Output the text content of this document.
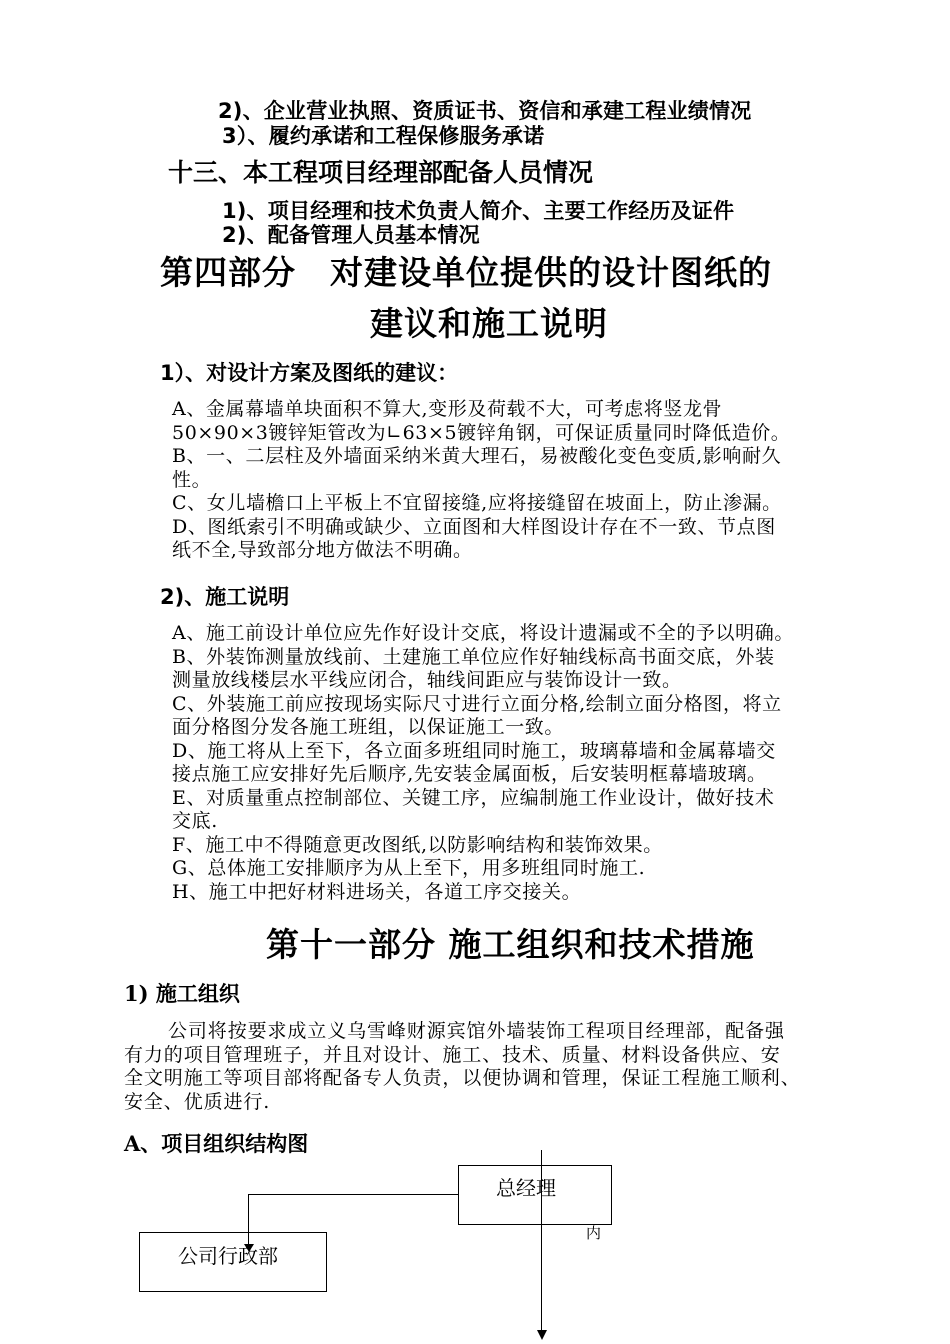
2)、企业营业执照、资质证书、资信和承建工程业绩情况
3）、履约承诺和工程保修服务承诺
十三、本工程项目经理部配备人员情况
1)、项目经理和技术负责人简介、主要工作经历及证件
2)、配备管理人员基本情况
第四部分　对建设单位提供的设计图纸的
建议和施工说明
1）、对设计方案及图纸的建议：
A、金属幕墙单块面积不算大,变形及荷载不大，可考虑将竖龙骨
50×90×3镀锌矩管改为∟63×5镀锌角钢，可保证质量同时降低造价。
B、一、二层柱及外墙面采纳米黄大理石，易被酸化变色变质,影响耐久
性。
C、女儿墙檐口上平板上不宜留接缝,应将接缝留在坡面上，防止渗漏。
D、图纸索引不明确或缺少、立面图和大样图设计存在不一致、节点图
纸不全,导致部分地方做法不明确。
2)、施工说明
A、施工前设计单位应先作好设计交底，将设计遗漏或不全的予以明确。
B、外装饰测量放线前、土建施工单位应作好轴线标高书面交底，外装
测量放线楼层水平线应闭合，轴线间距应与装饰设计一致。
C、外装施工前应按现场实际尺寸进行立面分格,绘制立面分格图，将立
面分格图分发各施工班组，以保证施工一致。
D、施工将从上至下，各立面多班组同时施工，玻璃幕墙和金属幕墙交
接点施工应安排好先后顺序,先安装金属面板，后安装明框幕墙玻璃。
E、对质量重点控制部位、关键工序，应编制施工作业设计，做好技术
交底.
F、施工中不得随意更改图纸,以防影响结构和装饰效果。
G、总体施工安排顺序为从上至下，用多班组同时施工.
H、施工中把好材料进场关，各道工序交接关。
第十一部分 施工组织和技术措施
1) 施工组织
公司将按要求成立义乌雪峰财源宾馆外墙装饰工程项目经理部，配备强
有力的项目管理班子，并且对设计、施工、技术、质量、材料设备供应、安
全文明施工等项目部将配备专人负责，以便协调和管理，保证工程施工顺利、
安全、优质进行.
A、项目组织结构图
总经理
公司行政部
内
